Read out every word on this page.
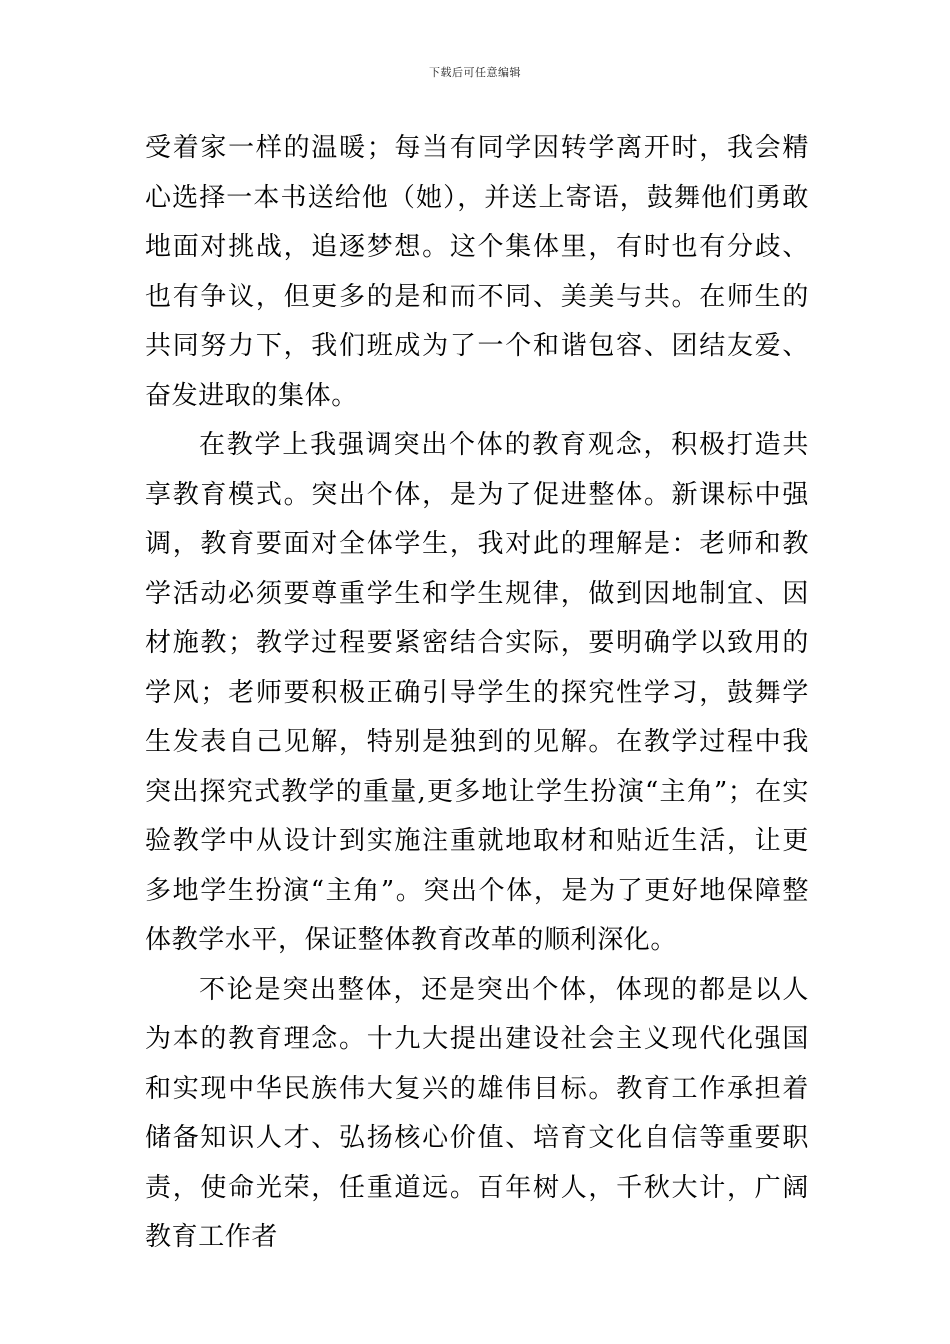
下载后可任意编辑

受着家一样的温暖；每当有同学因转学离开时，我会精心选择一本书送给他（她），并送上寄语，鼓舞他们勇敢地面对挑战，追逐梦想。这个集体里，有时也有分歧、也有争议，但更多的是和而不同、美美与共。在师生的共同努力下，我们班成为了一个和谐包容、团结友爱、奋发进取的集体。

在教学上我强调突出个体的教育观念，积极打造共享教育模式。突出个体，是为了促进整体。新课标中强调，教育要面对全体学生，我对此的理解是：老师和教学活动必须要尊重学生和学生规律，做到因地制宜、因材施教；教学过程要紧密结合实际，要明确学以致用的学风；老师要积极正确引导学生的探究性学习，鼓舞学生发表自己见解，特别是独到的见解。在教学过程中我突出探究式教学的重量,更多地让学生扮演“主角”；在实验教学中从设计到实施注重就地取材和贴近生活，让更多地学生扮演“主角”。突出个体，是为了更好地保障整体教学水平，保证整体教育改革的顺利深化。

不论是突出整体，还是突出个体，体现的都是以人为本的教育理念。十九大提出建设社会主义现代化强国和实现中华民族伟大复兴的雄伟目标。教育工作承担着储备知识人才、弘扬核心价值、培育文化自信等重要职责，使命光荣，任重道远。百年树人，千秋大计，广阔教育工作者
